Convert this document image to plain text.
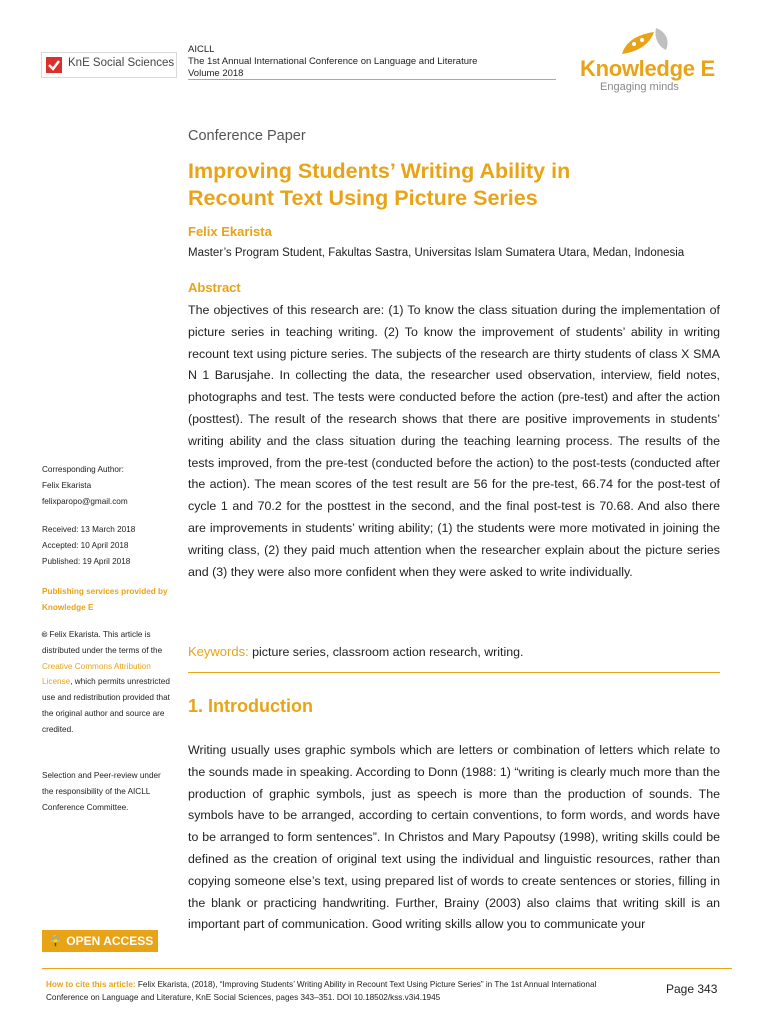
KnE Social Sciences
AICLL
The 1st Annual International Conference on Language and Literature
Volume 2018	Knowledge E
Engaging minds
Conference Paper
Improving Students’ Writing Ability in Recount Text Using Picture Series
Felix Ekarista
Master’s Program Student, Fakultas Sastra, Universitas Islam Sumatera Utara, Medan, Indonesia
Abstract
The objectives of this research are: (1) To know the class situation during the implementation of picture series in teaching writing. (2) To know the improvement of students’ ability in writing recount text using picture series. The subjects of the research are thirty students of class X SMA N 1 Barusjahe. In collecting the data, the researcher used observation, interview, field notes, photographs and test. The tests were conducted before the action (pre-test) and after the action (posttest). The result of the research shows that there are positive improvements in students’ writing ability and the class situation during the teaching learning process. The results of the tests improved, from the pre-test (conducted before the action) to the post-tests (conducted after the action). The mean scores of the test result are 56 for the pre-test, 66.74 for the post-test of cycle 1 and 70.2 for the posttest in the second, and the final post-test is 70.68. And also there are improvements in students’ writing ability; (1) the students were more motivated in joining the writing class, (2) they paid much attention when the researcher explain about the picture series and (3) they were also more confident when they were asked to write individually.
Keywords: picture series, classroom action research, writing.
1. Introduction
Writing usually uses graphic symbols which are letters or combination of letters which relate to the sounds made in speaking. According to Donn (1988: 1) “writing is clearly much more than the production of graphic symbols, just as speech is more than the production of sounds. The symbols have to be arranged, according to certain conventions, to form words, and words have to be arranged to form sentences”. In Christos and Mary Papoutsy (1998), writing skills could be defined as the creation of original text using the individual and linguistic resources, rather than copying someone else’s text, using prepared list of words to create sentences or stories, filling in the blank or practicing handwriting. Further, Brainy (2003) also claims that writing skill is an important part of communication. Good writing skills allow you to communicate your
Corresponding Author:
Felix Ekarista
felixparopo@gmail.com
Received: 13 March 2018
Accepted: 10 April 2018
Published: 19 April 2018
Publishing services provided by Knowledge E
🅭 Felix Ekarista. This article is distributed under the terms of the Creative Commons Attribution License, which permits unrestricted use and redistribution provided that the original author and source are credited.
Selection and Peer-review under the responsibility of the AICLL Conference Committee.
🔒 OPEN ACCESS
How to cite this article: Felix Ekarista, (2018), “Improving Students’ Writing Ability in Recount Text Using Picture Series” in The 1st Annual International Conference on Language and Literature, KnE Social Sciences, pages 343–351. DOI 10.18502/kss.v3i4.1945
Page 343
